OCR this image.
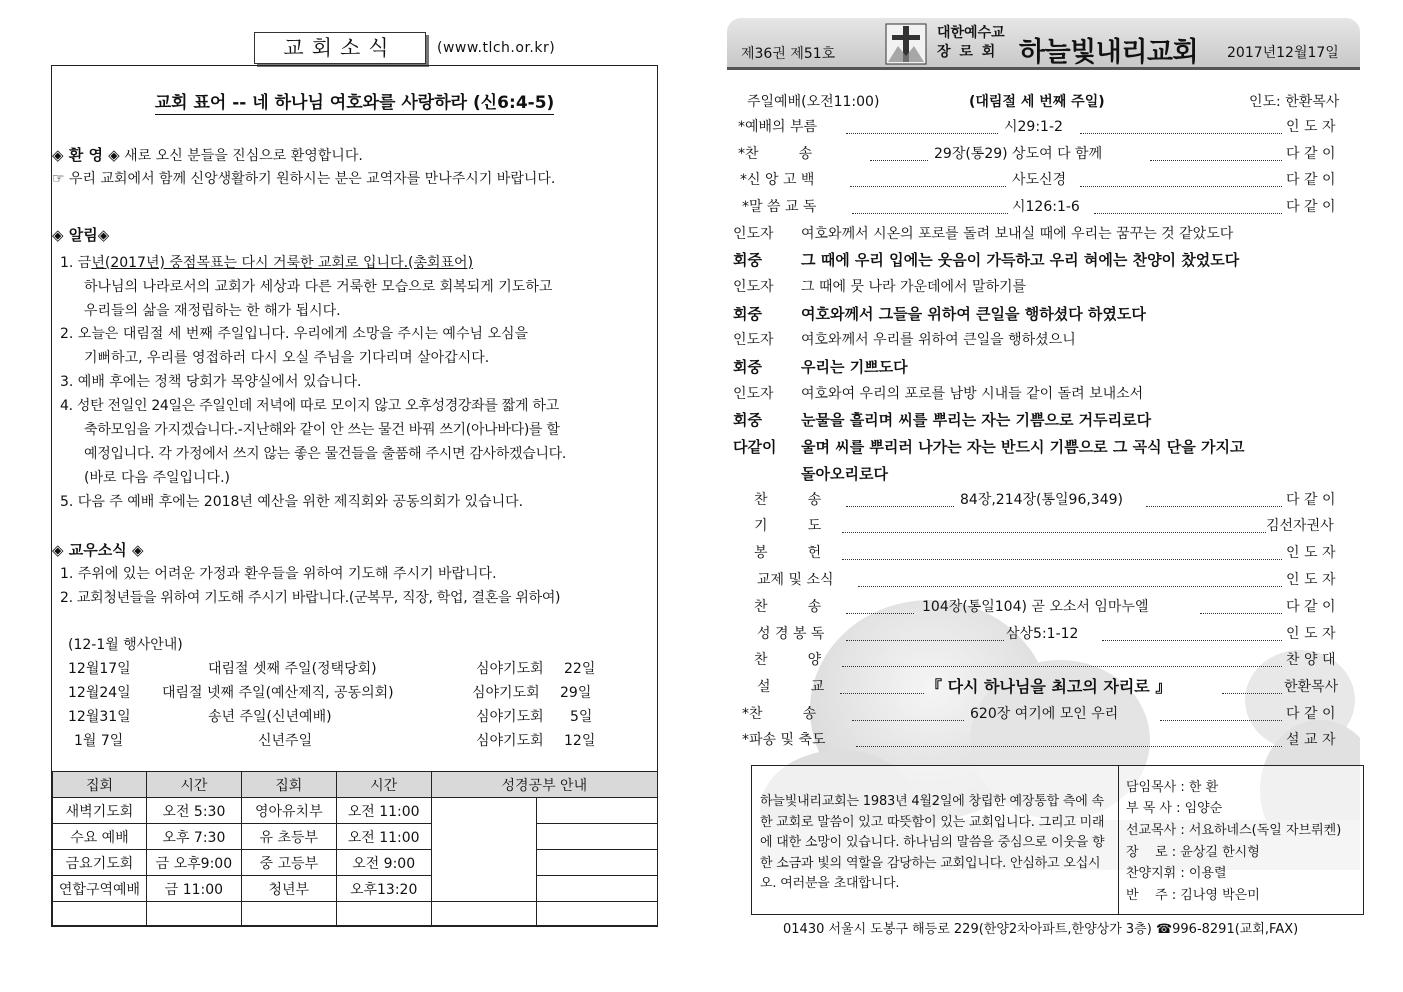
교회소식	(www.tlch.or.kr)
교회 표어 -- 네 하나님 여호와를 사랑하라 (신6:4-5)
◈ 환 영 ◈ 새로 오신 분들을 진심으로 환영합니다.
☞ 우리 교회에서 함께 신앙생활하기 원하시는 분은 교역자를 만나주시기 바랍니다.
◈ 알림◈
1. 금년(2017년) 중점목표는 다시 거룩한 교회로 입니다.(총회표어)
하나님의 나라로서의 교회가 세상과 다른 거룩한 모습으로 회복되게 기도하고
우리들의 삶을 재정립하는 한 해가 됩시다.
2. 오늘은 대림절 세 번째 주일입니다. 우리에게 소망을 주시는 예수님 오심을
기뻐하고, 우리를 영접하러 다시 오실 주님을 기다리며 살아갑시다.
3. 예배 후에는 정책 당회가 목양실에서 있습니다.
4. 성탄 전일인 24일은 주일인데 저녁에 따로 모이지 않고 오후성경강좌를 짧게 하고
축하모임을 가지겠습니다.-지난해와 같이 안 쓰는 물건 바꿔 쓰기(아나바다)를 할
예정입니다. 각 가정에서 쓰지 않는 좋은 물건들을 출품해 주시면 감사하겠습니다.
(바로 다음 주일입니다.)
5. 다음 주 예배 후에는 2018년 예산을 위한 제직회와 공동의회가 있습니다.
◈ 교우소식 ◈
1. 주위에 있는 어려운 가정과 환우들을 위하여 기도해 주시기 바랍니다.
2. 교회청년들을 위하여 기도해 주시기 바랍니다.(군복무, 직장, 학업, 결혼을 위하여)
(12-1월 행사안내)
12월17일	대림절 셋째 주일(정택당회)	심야기도회 22일
12월24일 대림절 넷째 주일(예산제직, 공동의회)	심야기도회 29일
12월31일	송년 주일(신년예배)	심야기도회 5일
1월 7일	신년주일	심야기도회 12일
집회	시간	집회	시간	성경공부 안내	
새벽기도회	오전 5:30	영아유치부	오전 11:00		
수요 예배	오후 7:30	유 초등부	오전 11:00		
금요기도회	금 오후9:00	중 고등부	오전 9:00		
연합구역예배	금 11:00	청년부	오후13:20		

제36권 제51호
대한예수교
장 로 회 하늘빛내리교회 2017년12월17일
주일예배(오전11:00)	(대림절 세 번째 주일)	인도: 한환목사
*예배의 부름	시29:1-2	인 도 자
*찬         송	29장(통29) 상도여 다 함께	다 같 이
*신 앙 고 백	사도신경	다 같 이
*말 씀 교 독	시126:1-6	다 같 이
인도자 여호와께서 시온의 포로를 돌려 보내실 때에 우리는 꿈꾸는 것 같았도다
회중	그 때에 우리 입에는 웃음이 가득하고 우리 혀에는 찬양이 찼었도다
인도자 그 때에 뭇 나라 가운데에서 말하기를
회중	여호와께서 그들을 위하여 큰일을 행하셨다 하였도다
인도자 여호와께서 우리를 위하여 큰일을 행하셨으니
회중	우리는 기쁘도다
인도자 여호와여 우리의 포로를 남방 시내들 같이 돌려 보내소서
회중	눈물을 흘리며 씨를 뿌리는 자는 기쁨으로 거두리로다
다같이 울며 씨를 뿌리러 나가는 자는 반드시 기쁨으로 그 곡식 단을 가지고
돌아오리로다
찬         송	84장,214장(통일96,349)	다 같 이
기         도	김선자권사
봉         헌	인 도 자
교제 및 소식	인 도 자
찬         송	104장(통일104) 곧 오소서 임마누엘	다 같 이
성 경 봉 독	삼상5:1-12	인 도 자
찬         양	찬 양 대
설         교	『 다시 하나님을 최고의 자리로 』	한환목사
*찬         송	620장 여기에 모인 우리	다 같 이
*파송 및 축도	설 교 자
하늘빛내리교회는 1983년 4월2일에 창립한 예장통합 측에 속한 교회로 말씀이 있고 따뜻함이 있는 교회입니다. 그리고 미래에 대한 소망이 있습니다. 하나님의 말씀을 중심으로 이웃을 향한 소금과 빛의 역할을 감당하는 교회입니다. 안심하고 오십시오. 여러분을 초대합니다.
담임목사 : 한 환
부 목 사 : 임양순
선교목사 : 서요하네스(독일 자브뤼켄)
장    로 : 윤상길 한시형
찬양지휘 : 이용렬
반    주 : 김나영 박은미
01430 서울시 도봉구 해등로 229(한양2차아파트,한양상가 3층) ☎996-8291(교회,FAX)
